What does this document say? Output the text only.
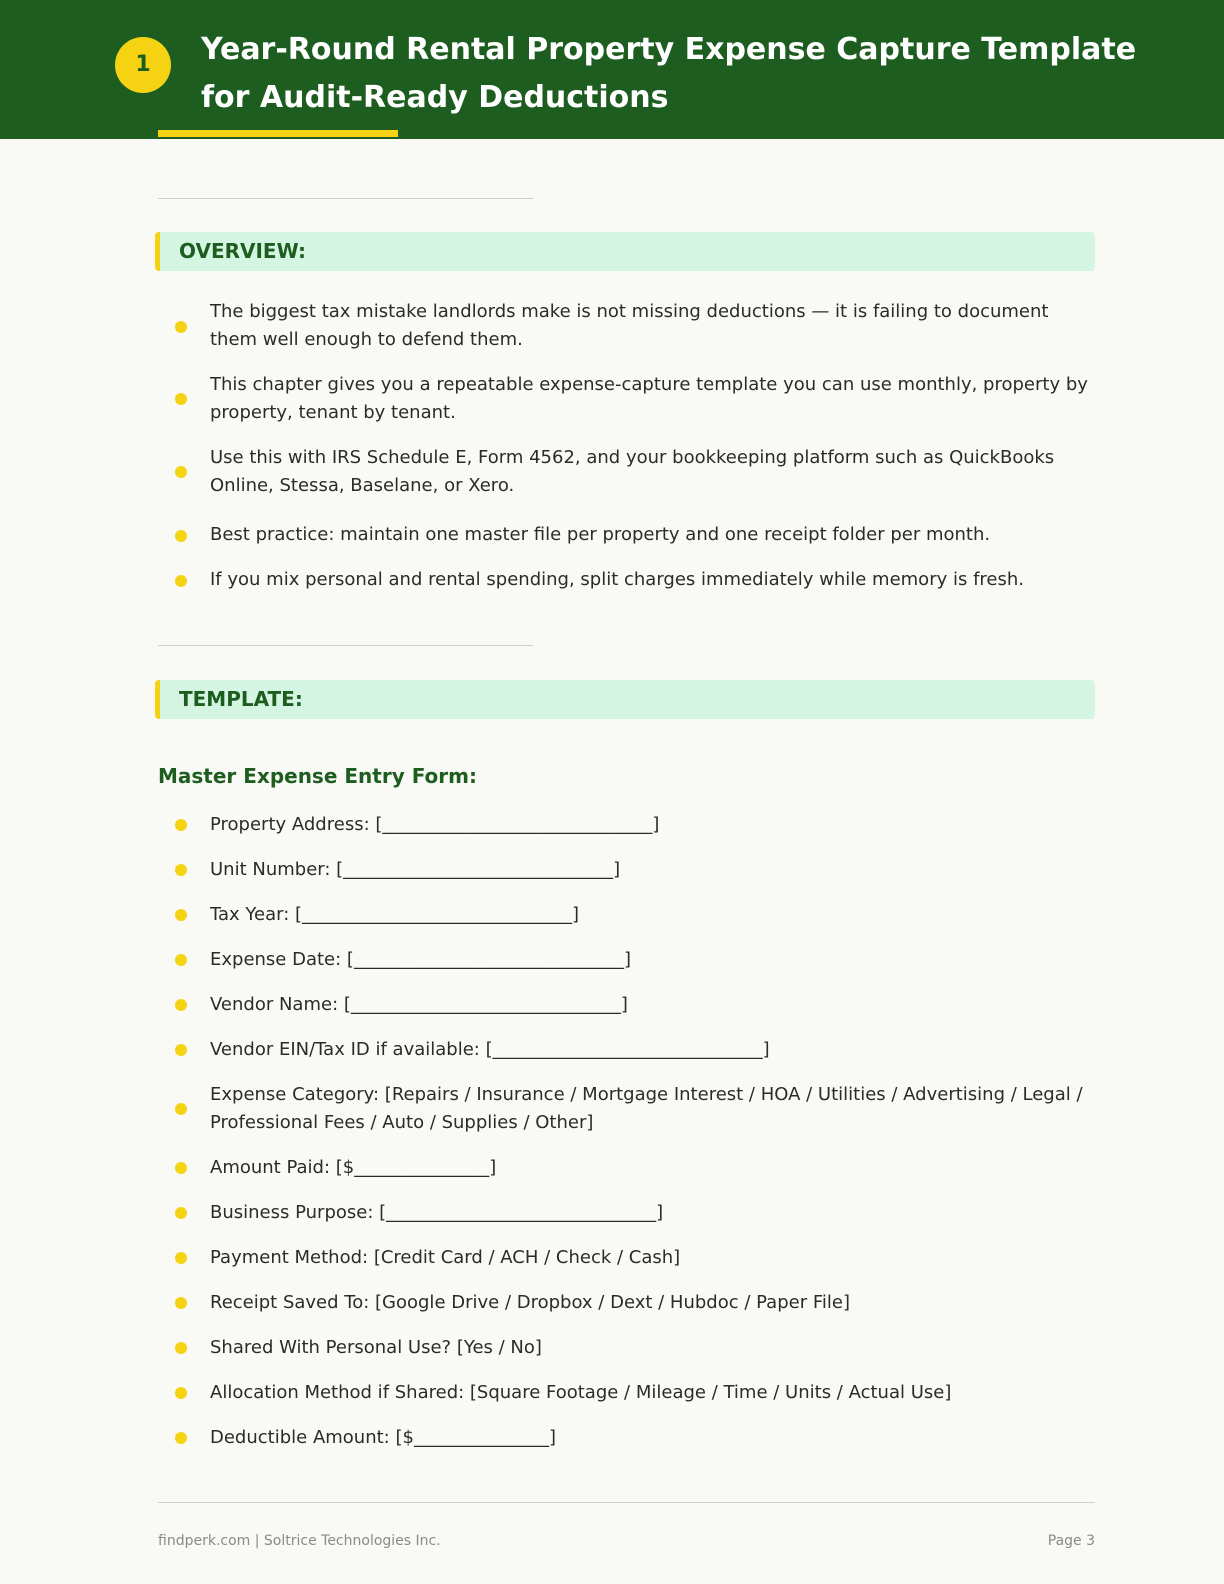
1	Year-Round Rental Property Expense Capture Template for Audit-Ready Deductions
OVERVIEW:
The biggest tax mistake landlords make is not missing deductions — it is failing to document them well enough to defend them.
This chapter gives you a repeatable expense-capture template you can use monthly, property by property, tenant by tenant.
Use this with IRS Schedule E, Form 4562, and your bookkeeping platform such as QuickBooks Online, Stessa, Baselane, or Xero.
Best practice: maintain one master file per property and one receipt folder per month.
If you mix personal and rental spending, split charges immediately while memory is fresh.
TEMPLATE:
Master Expense Entry Form:
Property Address: [______________________________]
Unit Number: [______________________________]
Tax Year: [______________________________]
Expense Date: [______________________________]
Vendor Name: [______________________________]
Vendor EIN/Tax ID if available: [______________________________]
Expense Category: [Repairs / Insurance / Mortgage Interest / HOA / Utilities / Advertising / Legal / Professional Fees / Auto / Supplies / Other]
Amount Paid: [$_______________]
Business Purpose: [______________________________]
Payment Method: [Credit Card / ACH / Check / Cash]
Receipt Saved To: [Google Drive / Dropbox / Dext / Hubdoc / Paper File]
Shared With Personal Use? [Yes / No]
Allocation Method if Shared: [Square Footage / Mileage / Time / Units / Actual Use]
Deductible Amount: [$_______________]
findperk.com | Soltrice Technologies Inc.	Page 3
